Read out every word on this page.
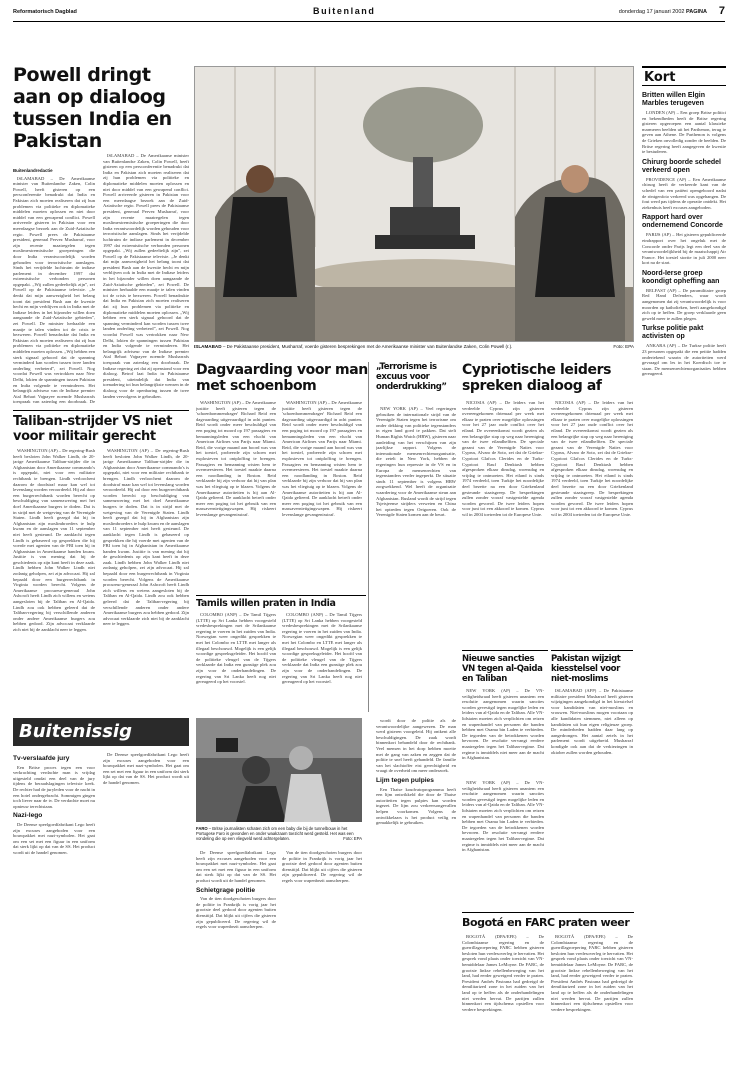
Reformatorisch Dagblad	Buitenland	donderdag 17 januari 2002 PAGINA 7
Powell dringt aan op dialoog tussen India en Pakistan
Buitenlandredactie

ISLAMABAD – De Amerikaanse minister van Buitenlandse Zaken, Colin Powell, heeft gisteren op een persconferentie benadrukt dat India en Pakistan zich moeten realiseren dat zij hun problemen via politieke en diplomatieke middelen moeten oplossen en niet door middel van een gewapend conflict. Powell arriveerde gisteren in Pakistan voor een meerdaagse bezoek aan de Zuid-Aziatische regio. Powell prees de Pakistaanse president, generaal Pervez Musharraf, voor zijn recente maatregelen tegen moslimextremistische groeperingen die door India verantwoordelijk worden gehouden voor terroristische aanslagen. Sinds het verijdelde luchtruim de indiase parlement in december 1997 dat extremistische verbonden personen opgepakt. „Wij zullen gedeeltelijk zijn”, zei Powell op de Pakistaanse televisie. „Je denkt dat mijn aanwezigheid het belang toont dat president Bush aan de kwestie hecht en mijn verblijven ook in India met de Indiase leiders in het bijzonder willen doen aangaande de Zuid-Aziatische gebieden”, zei Powell. De minister herhaalde een maatje te talen vinden tot de crisis te bezweren. Powell benadrukte dat India en Pakistan zich moeten realiseren dat zij hun problemen via politieke en diplomatieke middelen moeten oplossen. „Wij hebben een sterk signaal gehoord dat de spanning verminderd kan worden tussen twee landen onderling verbeterd”, zei Powell. Nog voordat Powell was vertrokken naar New Delhi, lokten de spanningen tussen Pakistan en India volgende te verminderen. Het belangrijk adviseur van de Indiase premier Atal Behari Vajpayee noemde Musharrafs toespraak van zaterdag een doorbraak. De

ISLAMABAD – De Amerikaanse minister van Buitenlandse Zaken, Colin Powell, heeft gisteren op een persconferentie benadrukt dat India en Pakistan zich moeten realiseren dat zij hun problemen via politieke en diplomatieke middelen moeten oplossen en niet door middel van een gewapend conflict. Powell arriveerde gisteren in Pakistan voor een meerdaagse bezoek aan de Zuid-Aziatische regio. Powell prees de Pakistaanse president, generaal Pervez Musharraf, voor zijn recente maatregelen tegen moslimextremistische groeperingen die door India verantwoordelijk worden gehouden voor terroristische aanslagen. Sinds het verijdelde luchtruim de indiase parlement in december 1997 dat extremistische verbonden personen opgepakt. „Wij zullen gedeeltelijk zijn”, zei Powell op de Pakistaanse televisie. „Je denkt dat mijn aanwezigheid het belang toont dat president Bush aan de kwestie hecht en mijn verblijven ook in India met de Indiase leiders in het bijzonder willen doen aangaande de Zuid-Aziatische gebieden”, zei Powell. De minister herhaalde een maatje te talen vinden tot de crisis te bezweren. Powell benadrukte dat India en Pakistan zich moeten realiseren dat zij hun problemen via politieke en diplomatieke middelen moeten oplossen. „Wij hebben een sterk signaal gehoord dat de spanning verminderd kan worden tussen twee landen onderling verbeterd”, zei Powell. Nog voordat Powell was vertrokken naar New Delhi, lokten de spanningen tussen Pakistan en India volgende te verminderen. Het belangrijk adviseur van de Indiase premier Atal Behari Vajpayee noemde Musharrafs toespraak van zaterdag een doorbraak. De Indiase regering zei dat zij openstond voor een dialoog. Betrof laat India in Pakistaanse president, uiteindelijk dat India van toenadering tot hun belangrijkste wensen in de dialoog voor de openbaring tussen de twee landen vervolgens te gebruiken.

ISLAMABAD – De Pakistaanse president, Musharraf, voerde gisteren besprekingen met de Amerikaanse minister van Buitenlandse Zaken, Colin Powell (r.).	Foto: EPA
Taliban-strijder VS niet voor militair gerecht

WASHINGTON (AP) – De regering-Bush heeft besloten John Walker Lindh, de 20-jarige Amerikaanse Taliban-strijder die in Afghanistan door Amerikaanse commando's is opgepakt, niet voor een militaire rechtbank te brengen. Lindh verloochent daarom de doodstraf maar kan wel tot levenslang worden veroordeeld. Hij zal door een burgerrechtbank worden berecht op beschuldiging van samenzwering met het doel Amerikaanse burgers te doden. Dat is in strijd met de wetgeving van de Verenigde Staten. Lindh heeft gezegd dat hij in Afghanistan zijn moslimbroeders te hulp kwam en de aanslagen van 11 september niet heeft gesteund. De aanklacht tegen Lindh is gebaseerd op gesprekken die hij voerde met agenten van de FBI toen hij in Afghanistan in Amerikaanse handen kwam. Justitie is van mening dat hij de geschiedenis op zijn kant heeft in deze zaak. Lindh hebben John Walker Lindh niet zodanig geholpen, zei zijn advocaat. Hij zal bepaald door een burgerrechtbank in Virginia worden berecht. Volgens de Amerikaanse procureur-generaal John Ashcroft heeft Lindh zich willens en wetens aangesloten bij de Taliban en Al-Qaida. Lindh zou ook hebben geleerd dat de Taliban-regering bij verschillende anderen onder andere Amerikaanse burgers zou hebben gedood. Zijn advocaat verklaarde zich niet bij de aanklacht neer te leggen.

WASHINGTON (AP) – De regering-Bush heeft besloten John Walker Lindh, de 20-jarige Amerikaanse Taliban-strijder die in Afghanistan door Amerikaanse commando's is opgepakt, niet voor een militaire rechtbank te brengen. Lindh verloochent daarom de doodstraf maar kan wel tot levenslang worden veroordeeld. Hij zal door een burgerrechtbank worden berecht op beschuldiging van samenzwering met het doel Amerikaanse burgers te doden. Dat is in strijd met de wetgeving van de Verenigde Staten. Lindh heeft gezegd dat hij in Afghanistan zijn moslimbroeders te hulp kwam en de aanslagen van 11 september niet heeft gesteund. De aanklacht tegen Lindh is gebaseerd op gesprekken die hij voerde met agenten van de FBI toen hij in Afghanistan in Amerikaanse handen kwam. Justitie is van mening dat hij de geschiedenis op zijn kant heeft in deze zaak. Lindh hebben John Walker Lindh niet zodanig geholpen, zei zijn advocaat. Hij zal bepaald door een burgerrechtbank in Virginia worden berecht. Volgens de Amerikaanse procureur-generaal John Ashcroft heeft Lindh zich willens en wetens aangesloten bij de Taliban en Al-Qaida. Lindh zou ook hebben geleerd dat de Taliban-regering bij verschillende anderen onder andere Amerikaanse burgers zou hebben gedood. Zijn advocaat verklaarde zich niet bij de aanklacht neer te leggen.

Dagvaarding voor man met schoenbom

WASHINGTON (AP) – De Amerikaanse justitie heeft gisteren tegen de 'schoenbommendrager' Richard Reid een dagvaarding uitgevaardigd in acht punten. Reid wordt onder meer beschuldigd van een poging tot moord op 197 passagiers en bemanningsleden van een vlucht van American Airlines van Parijs naar Miami. Reid, die vorige maand aan boord was van het toestel, probeerde zijn schoen met explosieven tot ontploffing te brengen. Passagiers en bemanning wisten hem te overmeesteren. Het toestel maakte daarna een noodlanding in Boston. Reid verklaarde bij zijn verhoor dat hij van plan was het vliegtuig op te blazen. Volgens de Amerikaanse autoriteiten is hij aan Al-Qaida gelieerd. De aanklacht betreft onder meer een poging tot het gebruik van een massavernietigingswapen. Hij riskeert levenslange gevangenisstraf.

WASHINGTON (AP) – De Amerikaanse justitie heeft gisteren tegen de 'schoenbommendrager' Richard Reid een dagvaarding uitgevaardigd in acht punten. Reid wordt onder meer beschuldigd van een poging tot moord op 197 passagiers en bemanningsleden van een vlucht van American Airlines van Parijs naar Miami. Reid, die vorige maand aan boord was van het toestel, probeerde zijn schoen met explosieven tot ontploffing te brengen. Passagiers en bemanning wisten hem te overmeesteren. Het toestel maakte daarna een noodlanding in Boston. Reid verklaarde bij zijn verhoor dat hij van plan was het vliegtuig op te blazen. Volgens de Amerikaanse autoriteiten is hij aan Al-Qaida gelieerd. De aanklacht betreft onder meer een poging tot het gebruik van een massavernietigingswapen. Hij riskeert levenslange gevangenisstraf.

„Terrorisme is excuus voor onderdrukking”

NEW YORK (AP) – Veel regeringen gebruiken de internationale strijd van de Verenigde Staten tegen het terrorisme om onder dekking van politieke tegenstanders in eigen land goed te pakken. Dat stelt Human Rights Watch (HRW), gisteren naar aanleiding van het verschijnen van zijn jaarlijkse rapport. Volgens de internationale mensenrechtenorganisatie, die zetelt in New York, hebben de regeringen hun repressie in de VS en in Europa de mensenrechten van tegenstanders verder ingeperkt. De situatie sinds 11 september is volgens HRW zorgwekkend. Wel heeft de organisatie waardering voor de Amerikaanse steun aan Afghanistan. Rusland wordt de strijd tegen Tsjetsjeense strijders verweten en China het optreden tegen Oeigoeren. Ook de Verenigde Staten komen aan de beurt.

Tamils willen praten in India

COLOMBO (ANP) – De Tamil Tijgers (LTTE) op Sri Lanka hebben voorgesteld vredesbesprekingen met de Srilankaanse regering te voeren in het zuiden van India. Norwegian weer ongedikt gesprekken te met het Colombo en LTTE met langer als illegaal beschouwd. Mogelijk is een gelijk woordige gespreksgeleider. Het hoofd van de politieke vleugel van de Tijgers verklaarde dat India een gunstige plek zou zijn voor de onderhandelingen. De regering van Sri Lanka heeft nog niet gereageerd op het voorstel.

COLOMBO (ANP) – De Tamil Tijgers (LTTE) op Sri Lanka hebben voorgesteld vredesbesprekingen met de Srilankaanse regering te voeren in het zuiden van India. Norwegian weer ongedikt gesprekken te met het Colombo en LTTE met langer als illegaal beschouwd. Mogelijk is een gelijk woordige gespreksgeleider. Het hoofd van de politieke vleugel van de Tijgers verklaarde dat India een gunstige plek zou zijn voor de onderhandelingen. De regering van Sri Lanka heeft nog niet gereageerd op het voorstel.

Cypriotische leiders spreken dialoog af

NICOSIA (AP) – De leiders van het verdeelde Cyprus zijn gisteren overeengekomen driemaal per week met elkaar te praten over mogelijke oplossingen voor het 27 jaar oude conflict over het eiland. De overeenkomst wordt gezien als een belangrijke stap op weg naar hereniging van de twee eilandhelften. De speciale gezant van de Verenigde Naties voor Cyprus, Alvaro de Soto, zei dat de Griekse-Cyprioot Glafcos Clerides en de Turks-Cyprioot Rauf Denktash hebben afgesproken elkaar dinsdag, woensdag en vrijdag te ontmoeten. Het eiland is sinds 1974 verdeeld, toen Turkije het noordelijke deel bezette na een door Griekenland gesteunde staatsgreep. De besprekingen zullen zonder vooraf vastgestelde agenda worden gevoerd. De twee leiders hopen voor juni tot een akkoord te komen. Cyprus wil in 2004 toetreden tot de Europese Unie.

NICOSIA (AP) – De leiders van het verdeelde Cyprus zijn gisteren overeengekomen driemaal per week met elkaar te praten over mogelijke oplossingen voor het 27 jaar oude conflict over het eiland. De overeenkomst wordt gezien als een belangrijke stap op weg naar hereniging van de twee eilandhelften. De speciale gezant van de Verenigde Naties voor Cyprus, Alvaro de Soto, zei dat de Griekse-Cyprioot Glafcos Clerides en de Turks-Cyprioot Rauf Denktash hebben afgesproken elkaar dinsdag, woensdag en vrijdag te ontmoeten. Het eiland is sinds 1974 verdeeld, toen Turkije het noordelijke deel bezette na een door Griekenland gesteunde staatsgreep. De besprekingen zullen zonder vooraf vastgestelde agenda worden gevoerd. De twee leiders hopen voor juni tot een akkoord te komen. Cyprus wil in 2004 toetreden tot de Europese Unie.

Nieuwe sancties VN tegen al-Qaida en Taliban

NEW YORK (AP) – De VN-veiligheidsraad heeft gisteren unaniem een resolutie aangenomen waarin sancties worden gevestigd tegen mogelijke leden en leiders van al-Qaida en de Taliban. Alle VN-lidstaten moeten zich verplichten om reizen en wapenhandel van personen die banden hebben met Osama bin Laden te verbieden. De tegoeden van de betrokkenen worden bevroren. De resolutie vervangt eerdere maatregelen tegen het Taliban-regime. Dat regime is inmiddels niet meer aan de macht in Afghanistan.

Pakistan wijzigt kiesstelsel voor niet-moslims

ISLAMABAD (AFP) – De Pakistaanse militaire president Musharraf heeft gisteren wijzigingen aangekondigd in het kiesstelsel voor kandidaten van niet-moslims en vrouwen. Niet-moslims mogen voortaan op alle kandidaten stemmen, niet alleen op kandidaten uit hun eigen religieuze groep. De minderheden hadden daar lang op aangedrongen. Het aantal zetels in het parlement wordt uitgebreid. Musharraf kondigde ook aan dat de verkiezingen in oktober zullen worden gehouden.

Buitenissig
Tv-verslaafde jury

Een Britse proces tegen een voor verkrachting verdachte man is vrijdag uitgesteld omdat een deel van de jury tijdens de beraadslagingen televisie keek. De rechter had de juryleden voor de nacht in een hotel ondergebracht. Sommigen gingen toch liever naar de tv. De verdachte moet nu opnieuw terechtstaan.

Nazi-lego

De Deense speelgoedfabrikant Lego heeft zijn excuses aangeboden voor een bouwpakket met nazi-symbolen. Het gaat om een set met een figuur in een uniform dat sterk lijkt op dat van de SS. Het product wordt uit de handel genomen.

De Deense speelgoedfabrikant Lego heeft zijn excuses aangeboden voor een bouwpakket met nazi-symbolen. Het gaat om een set met een figuur in een uniform dat sterk lijkt op dat van de SS. Het product wordt uit de handel genomen.

FARO – Britse journalisten schaten zich om een baby die bij de tunnelbouw in het Portugese Faro is gevonden en onder waakzaam toezicht werd gesteld. Het was een vondeling die op een vliegveld werd achtergelaten.	Foto: EPA

De Deense speelgoedfabrikant Lego heeft zijn excuses aangeboden voor een bouwpakket met nazi-symbolen. Het gaat om een set met een figuur in een uniform dat sterk lijkt op dat van de SS. Het product wordt uit de handel genomen.

Schietgrage politie

Van de tien doodgeschoten burgers door de politie in Frankrijk is vorig jaar het grootste deel gedood door agenten buiten diensttijd. Dat blijkt uit cijfers die gisteren zijn gepubliceerd. De regering wil de regels voor wapenbezit aanscherpen.

Van de tien doodgeschoten burgers door de politie in Frankrijk is vorig jaar het grootste deel gedood door agenten buiten diensttijd. Dat blijkt uit cijfers die gisteren zijn gepubliceerd. De regering wil de regels voor wapenbezit aanscherpen.

wordt door de politie als de verantwoordelijke aangewezen. De man werd gisteren voorgeleid. Hij ontkent alle beschuldigingen. De zaak wordt binnenkort behandeld door de rechtbank. Veel mensen in het dorp hebben moeite met de gang van zaken en zeggen dat de politie te snel heeft gehandeld. De familie van het slachtoffer eist gerechtigheid en vraagt de overheid om meer onderzoek.

Lijm tegen pulpies

Een Thaise koudvatoprogramma heeft een lijm ontwikkeld die door de Thaise autoriteiten tegen pulpies kan worden ingezet. De lijm zou verkeersongevallen helpen voorkomen. Volgens de ontwikkelaars is het product veilig en gemakkelijk te gebruiken.

NEW YORK (AP) – De VN-veiligheidsraad heeft gisteren unaniem een resolutie aangenomen waarin sancties worden gevestigd tegen mogelijke leden en leiders van al-Qaida en de Taliban. Alle VN-lidstaten moeten zich verplichten om reizen en wapenhandel van personen die banden hebben met Osama bin Laden te verbieden. De tegoeden van de betrokkenen worden bevroren. De resolutie vervangt eerdere maatregelen tegen het Taliban-regime. Dat regime is inmiddels niet meer aan de macht in Afghanistan.

Bogotá en FARC praten weer

BOGOTÁ (DPA/EFE) – De Colombiaanse regering en de guerrillagroepering FARC hebben gisteren besloten hun vredesoverleg te hervatten. Het gesprek vond plaats onder toezicht van VN-bemiddelaar James LeMoyne. De FARC, de grootste linkse rebellenbeweging van het land, had eerder geweigerd verder te praten. President Andrés Pastrana had gedreigd de demilitarized zone in het zuiden van het land op te heffen als de onderhandelingen niet werden hervat. De partijen zullen binnenkort een tijdschema opstellen voor verdere besprekingen.

BOGOTÁ (DPA/EFE) – De Colombiaanse regering en de guerrillagroepering FARC hebben gisteren besloten hun vredesoverleg te hervatten. Het gesprek vond plaats onder toezicht van VN-bemiddelaar James LeMoyne. De FARC, de grootste linkse rebellenbeweging van het land, had eerder geweigerd verder te praten. President Andrés Pastrana had gedreigd de demilitarized zone in het zuiden van het land op te heffen als de onderhandelingen niet werden hervat. De partijen zullen binnenkort een tijdschema opstellen voor verdere besprekingen.

Kort
Britten willen Elgin Marbles terugeven

LONDEN (AP) – Een groep Britse politici en bekendheden heeft de Britse regering gisteren opgeroepen een aantal klassieke marmeren beelden uit het Parthenon, terug te geven aan Athene. De Parthenon is volgens de Grieken onvolledig zonder de beelden. De Britse regering heeft aangegeven de kwestie te bestuderen.

Chirurg boorde schedel verkeerd open

PROVIDENCE (AP) – Een Amerikaanse chirurg heeft de verkeerde kant van de schedel van een patiënt opengeboord nadat de röntgenfoto verkeerd was opgehangen. De fout werd pas tijdens de operatie ontdekt. Het ziekenhuis heeft excuses aangeboden.

Rapport hard over ondernemend Concorde

PARIJS (AP) – Het gisteren gepubliceerde eindrapport over het ongeluk met de Concorde onder Parijs legt een deel van de verantwoordelijkheid bij de maatschappij Air France. Het toestel stortte in juli 2000 neer kort na de start.

Noord-Ierse groep koondigt opheffing aan

BELFAST (AP) – De paramilitaire groep Red Hand Defenders, waar wordt aangenomen dat zij verantwoordelijk is voor moorden op katholieken, heeft aangekondigd zich op te heffen. De groep verklaarde geen geweld meer te zullen plegen.

Turkse politie pakt activisten op

ANKARA (AP) – De Turkse politie heeft 23 personen opgepakt die een petitie hadden ondertekend waarin de autoriteiten werd gevraagd om les in het Koerdisch toe te staan. De mensenrechtenorganisaties hebben gereageerd.
